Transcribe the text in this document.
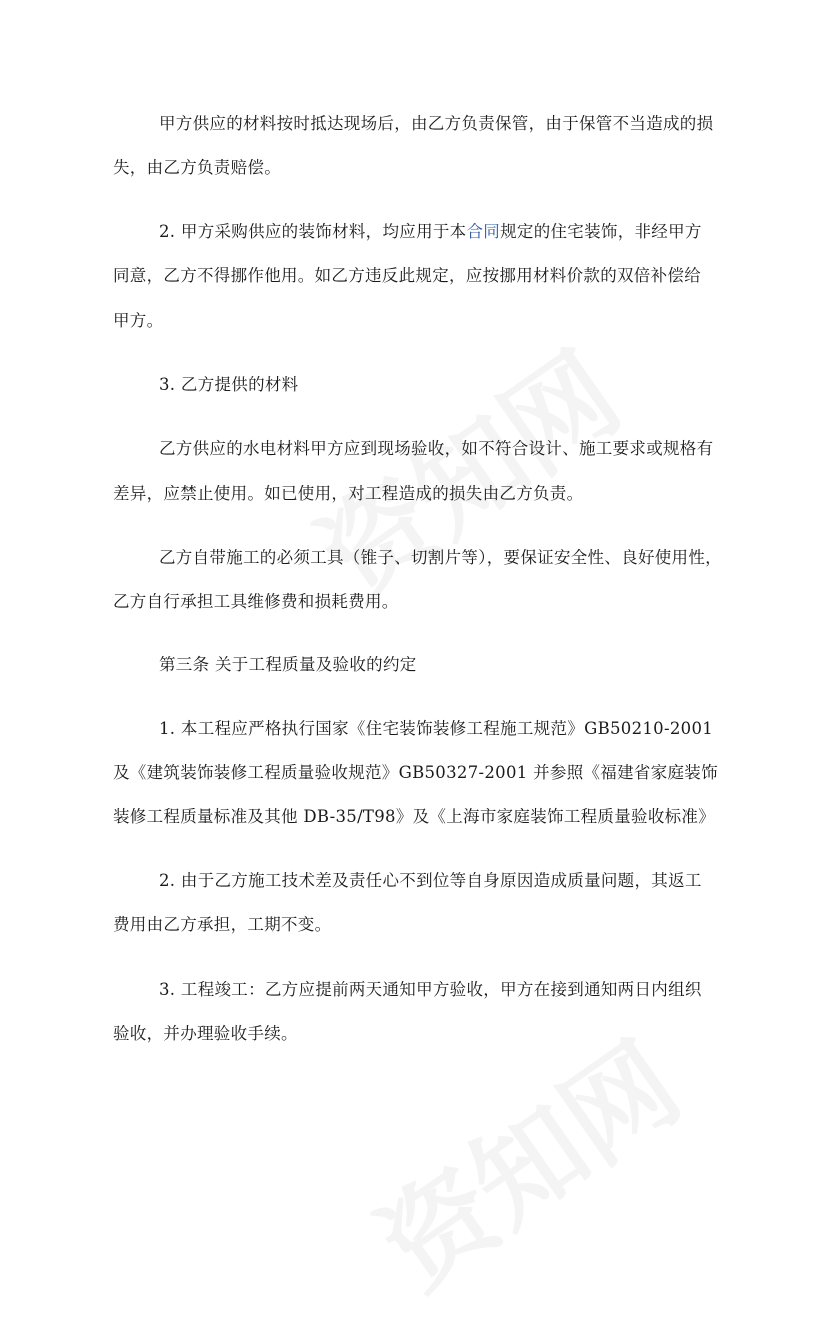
甲方供应的材料按时抵达现场后，由乙方负责保管，由于保管不当造成的损
失，由乙方负责赔偿。
2. 甲方采购供应的装饰材料，均应用于本合同规定的住宅装饰，非经甲方
同意，乙方不得挪作他用。如乙方违反此规定，应按挪用材料价款的双倍补偿给
甲方。
3. 乙方提供的材料
乙方供应的水电材料甲方应到现场验收，如不符合设计、施工要求或规格有
差异，应禁止使用。如已使用，对工程造成的损失由乙方负责。
乙方自带施工的必须工具（锥子、切割片等），要保证安全性、良好使用性，
乙方自行承担工具维修费和损耗费用。
第三条 关于工程质量及验收的约定
1. 本工程应严格执行国家《住宅装饰装修工程施工规范》GB50210-2001
及《建筑装饰装修工程质量验收规范》GB50327-2001 并参照《福建省家庭装饰
装修工程质量标准及其他 DB-35/T98》及《上海市家庭装饰工程质量验收标准》
2. 由于乙方施工技术差及责任心不到位等自身原因造成质量问题，其返工
费用由乙方承担，工期不变。
3. 工程竣工：乙方应提前两天通知甲方验收，甲方在接到通知两日内组织
验收，并办理验收手续。
